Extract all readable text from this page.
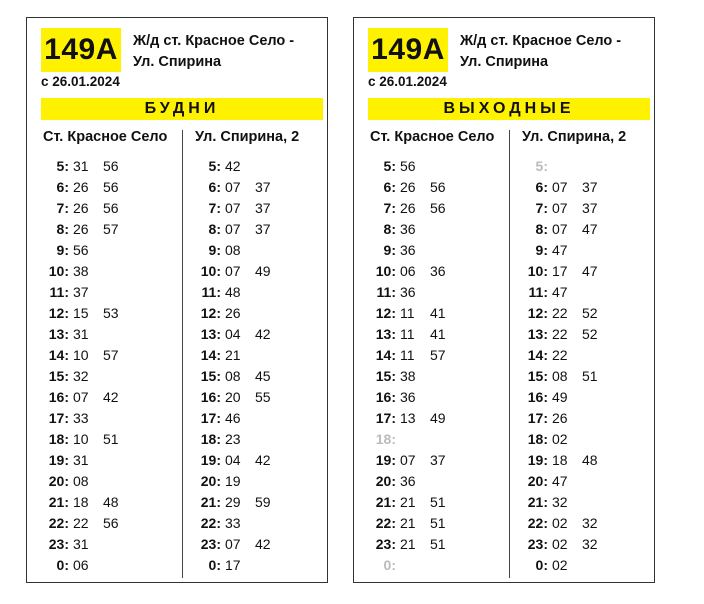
149А Ж/д ст. Красное Село -
Ул. Спирина
с 26.01.2024
БУДНИ
Ст. Красное Село Ул. Спирина, 2
5: 31 56
6: 26 56
7: 26 56
8: 26 57
9: 56
10: 38
11: 37
12: 15 53
13: 31
14: 10 57
15: 32
16: 07 42
17: 33
18: 10 51
19: 31
20: 08
21: 18 48
22: 22 56
23: 31
0: 06
5: 42
6: 07 37
7: 07 37
8: 07 37
9: 08
10: 07 49
11: 48
12: 26
13: 04 42
14: 21
15: 08 45
16: 20 55
17: 46
18: 23
19: 04 42
20: 19
21: 29 59
22: 33
23: 07 42
0: 17
149А Ж/д ст. Красное Село -
Ул. Спирина
с 26.01.2024
ВЫХОДНЫЕ
Ст. Красное Село Ул. Спирина, 2
5: 56
6: 26 56
7: 26 56
8: 36
9: 36
10: 06 36
11: 36
12: 11 41
13: 11 41
14: 11 57
15: 38
16: 36
17: 13 49
18:
19: 07 37
20: 36
21: 21 51
22: 21 51
23: 21 51
0:
5:
6: 07 37
7: 07 37
8: 07 47
9: 47
10: 17 47
11: 47
12: 22 52
13: 22 52
14: 22
15: 08 51
16: 49
17: 26
18: 02
19: 18 48
20: 47
21: 32
22: 02 32
23: 02 32
0: 02
